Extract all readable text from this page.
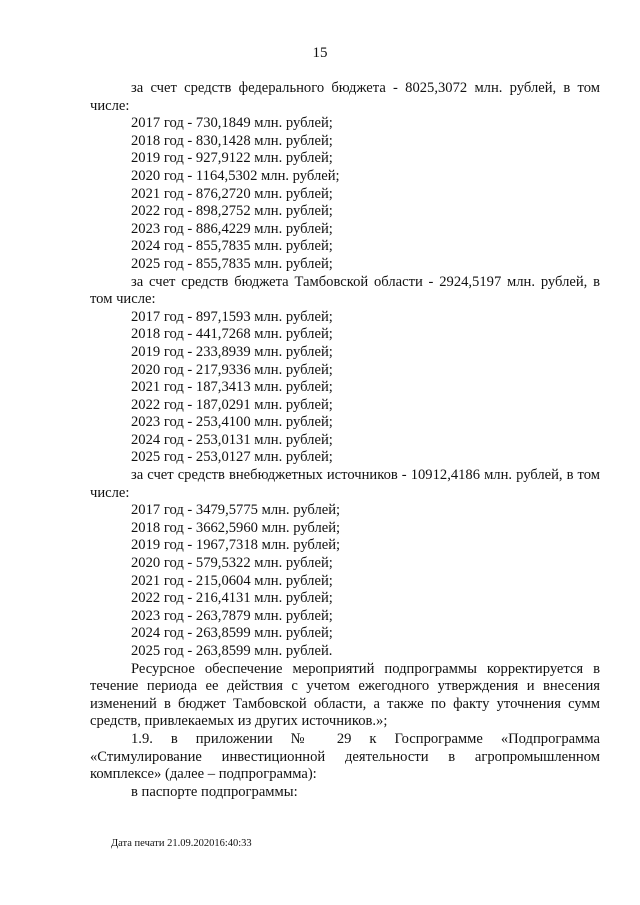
15
за счет средств федерального бюджета - 8025,3072 млн. рублей, в том числе:
2017 год - 730,1849 млн. рублей;
2018 год - 830,1428 млн. рублей;
2019 год - 927,9122 млн. рублей;
2020 год - 1164,5302 млн. рублей;
2021 год - 876,2720 млн. рублей;
2022 год - 898,2752 млн. рублей;
2023 год - 886,4229 млн. рублей;
2024 год - 855,7835 млн. рублей;
2025 год - 855,7835 млн. рублей;
за счет средств бюджета Тамбовской области - 2924,5197 млн. рублей, в том числе:
2017 год - 897,1593 млн. рублей;
2018 год - 441,7268 млн. рублей;
2019 год - 233,8939 млн. рублей;
2020 год - 217,9336 млн. рублей;
2021 год - 187,3413 млн. рублей;
2022 год - 187,0291 млн. рублей;
2023 год - 253,4100 млн. рублей;
2024 год - 253,0131 млн. рублей;
2025 год - 253,0127 млн. рублей;
за счет средств внебюджетных источников - 10912,4186 млн. рублей, в том числе:
2017 год - 3479,5775 млн. рублей;
2018 год - 3662,5960 млн. рублей;
2019 год - 1967,7318 млн. рублей;
2020 год - 579,5322 млн. рублей;
2021 год - 215,0604 млн. рублей;
2022 год - 216,4131 млн. рублей;
2023 год - 263,7879 млн. рублей;
2024 год - 263,8599 млн. рублей;
2025 год - 263,8599 млн. рублей.
Ресурсное обеспечение мероприятий подпрограммы корректируется в течение периода ее действия с учетом ежегодного утверждения и внесения изменений в бюджет Тамбовской области, а также по факту уточнения сумм средств, привлекаемых из других источников.»;
1.9. в приложении № 29 к Госпрограмме «Подпрограмма «Стимулирование инвестиционной деятельности в агропромышленном комплексе» (далее – подпрограмма):
в паспорте подпрограммы:
Дата печати 21.09.202016:40:33
